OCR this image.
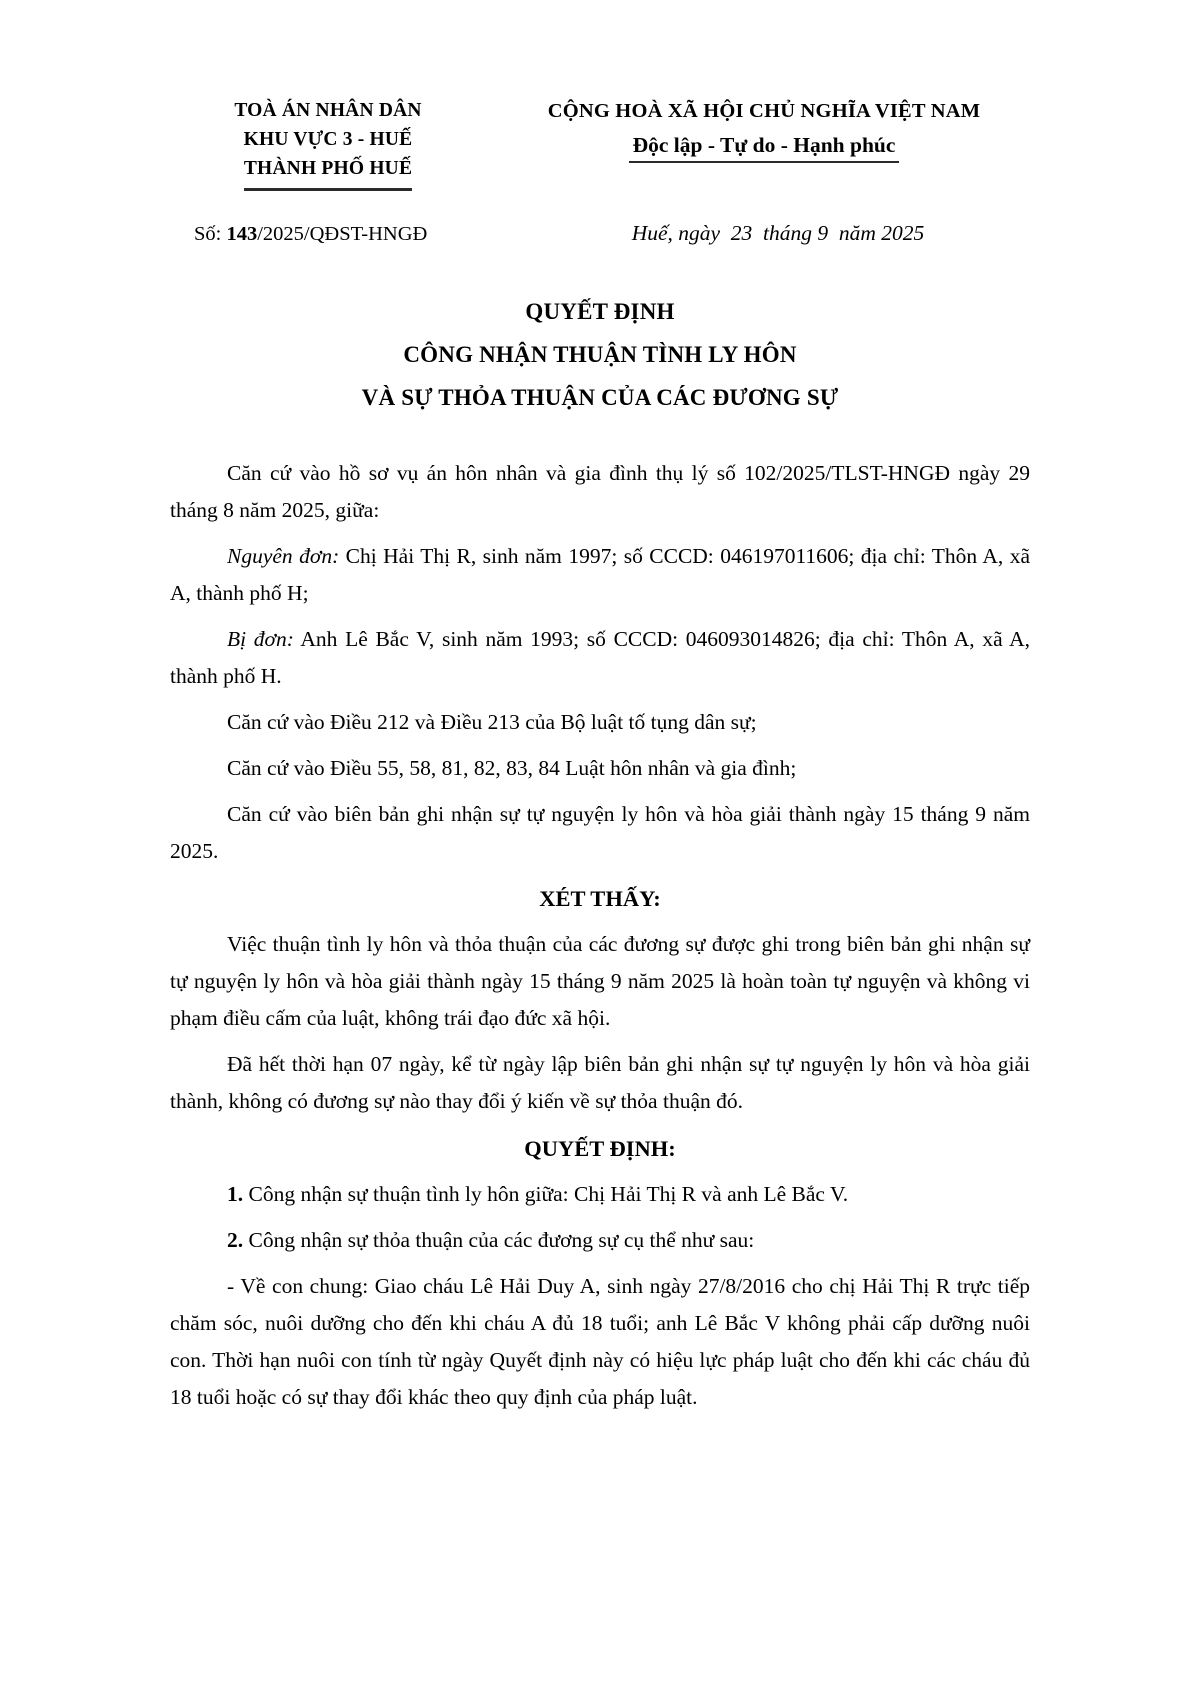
TOÀ ÁN NHÂN DÂN
KHU VỰC 3 - HUẾ
THÀNH PHỐ HUẾ
CỘNG HOÀ XÃ HỘI CHỦ NGHĨA VIỆT NAM
Độc lập - Tự do - Hạnh phúc
Số: 143/2025/QĐST-HNGĐ	Huế, ngày  23  tháng 9  năm 2025
QUYẾT ĐỊNH
CÔNG NHẬN THUẬN TÌNH LY HÔN
VÀ SỰ THỎA THUẬN CỦA CÁC ĐƯƠNG SỰ

Căn cứ vào hồ sơ vụ án hôn nhân và gia đình thụ lý số 102/2025/TLST-HNGĐ ngày 29 tháng 8 năm 2025, giữa:

Nguyên đơn: Chị Hải Thị R, sinh năm 1997; số CCCD: 046197011606; địa chỉ: Thôn A, xã A, thành phố H;

Bị đơn: Anh Lê Bắc V, sinh năm 1993; số CCCD: 046093014826; địa chỉ: Thôn A, xã A, thành phố H.

Căn cứ vào Điều 212 và Điều 213 của Bộ luật tố tụng dân sự;

Căn cứ vào Điều 55, 58, 81, 82, 83, 84 Luật hôn nhân và gia đình;

Căn cứ vào biên bản ghi nhận sự tự nguyện ly hôn và hòa giải thành ngày 15 tháng 9 năm 2025.

XÉT THẤY:

Việc thuận tình ly hôn và thỏa thuận của các đương sự được ghi trong biên bản ghi nhận sự tự nguyện ly hôn và hòa giải thành ngày 15 tháng 9 năm 2025 là hoàn toàn tự nguyện và không vi phạm điều cấm của luật, không trái đạo đức xã hội.

Đã hết thời hạn 07 ngày, kể từ ngày lập biên bản ghi nhận sự tự nguyện ly hôn và hòa giải thành, không có đương sự nào thay đổi ý kiến về sự thỏa thuận đó.

QUYẾT ĐỊNH:

1. Công nhận sự thuận tình ly hôn giữa: Chị Hải Thị R và anh Lê Bắc V.

2. Công nhận sự thỏa thuận của các đương sự cụ thể như sau:

- Về con chung: Giao cháu Lê Hải Duy A, sinh ngày 27/8/2016 cho chị Hải Thị R trực tiếp chăm sóc, nuôi dưỡng cho đến khi cháu A đủ 18 tuổi; anh Lê Bắc V không phải cấp dưỡng nuôi con. Thời hạn nuôi con tính từ ngày Quyết định này có hiệu lực pháp luật cho đến khi các cháu đủ 18 tuổi hoặc có sự thay đổi khác theo quy định của pháp luật.
